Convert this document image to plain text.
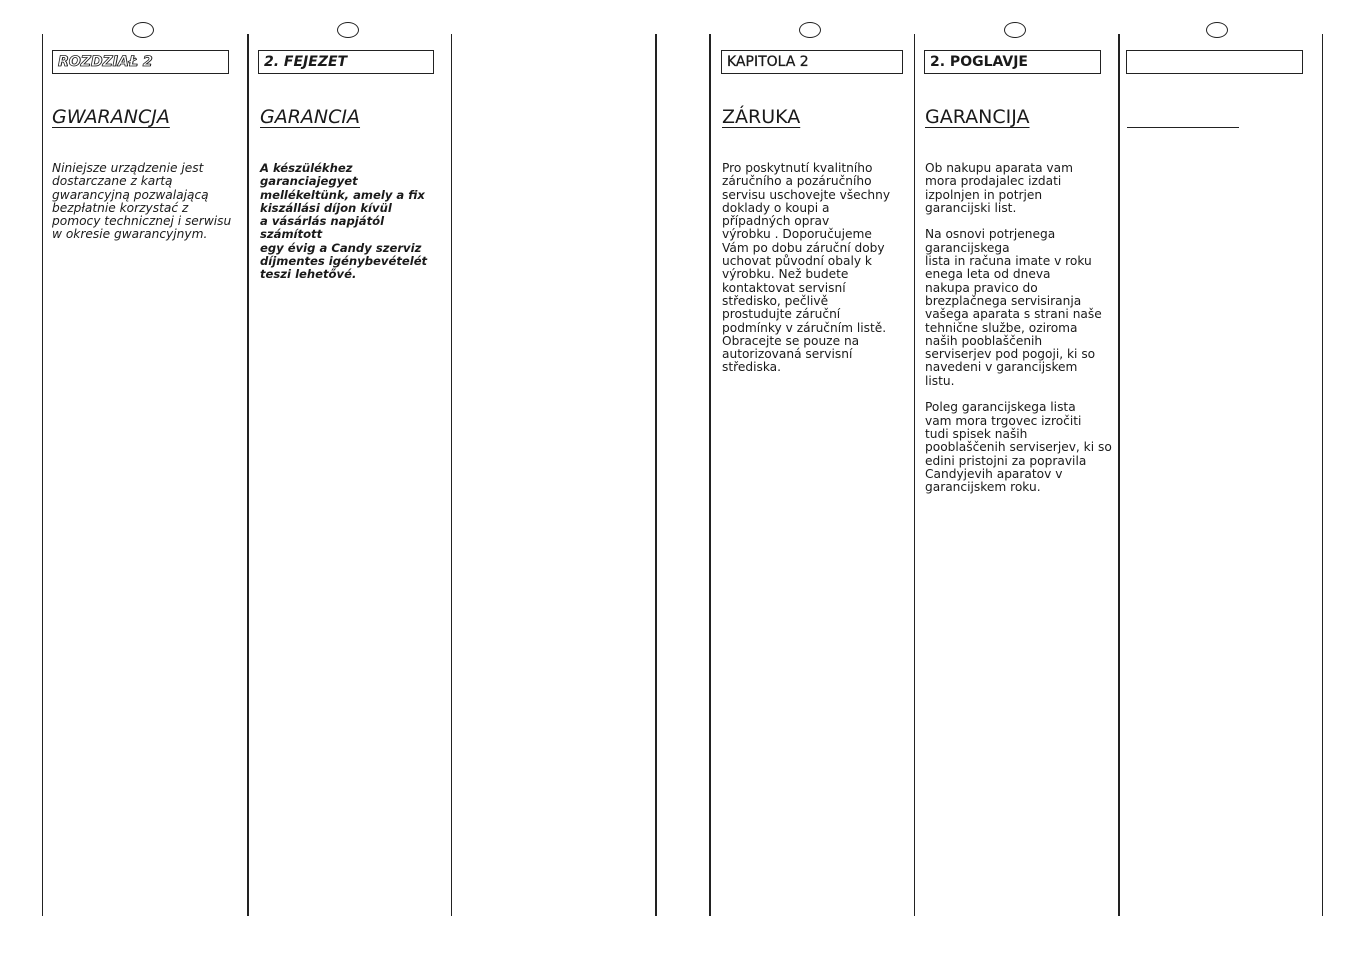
ROZDZIAŁ 2
GWARANCJA

Niniejsze urządzenie jest
dostarczane z kartą
gwarancyjną pozwalającą
bezpłatnie korzystać z
pomocy technicznej i serwisu
w okresie gwarancyjnym.

2. FEJEZET
GARANCIA

A készülékhez garanciajegyet
mellékeltünk, amely a fix
kiszállási díjon kívül
a vásárlás napjától számított
egy évig a Candy szerviz
díjmentes igénybevételét
teszi lehetővé.

KAPITOLA 2
ZÁRUKA

Pro poskytnutí kvalitního
záručního a pozáručního
servisu uschovejte všechny
doklady o koupi a
případných oprav
výrobku . Doporučujeme
Vám po dobu záruční doby
uchovat původní obaly k
výrobku. Než budete
kontaktovat servisní
středisko, pečlivě
prostudujte záruční
podmínky v záručním listě.
Obracejte se pouze na
autorizovaná servisní
střediska.

2. POGLAVJE
GARANCIJA

Ob nakupu aparata vam
mora prodajalec izdati
izpolnjen in potrjen
garancijski list.

Na osnovi potrjenega
garancijskega
lista in računa imate v roku
enega leta od dneva
nakupa pravico do
brezplačnega servisiranja
vašega aparata s strani naše
tehnične službe, oziroma
naših pooblaščenih
serviserjev pod pogoji, ki so
navedeni v garancijskem
listu.

Poleg garancijskega lista
vam mora trgovec izročiti
tudi spisek naših
pooblaščenih serviserjev, ki so
edini pristojni za popravila
Candyjevih aparatov v
garancijskem roku.
